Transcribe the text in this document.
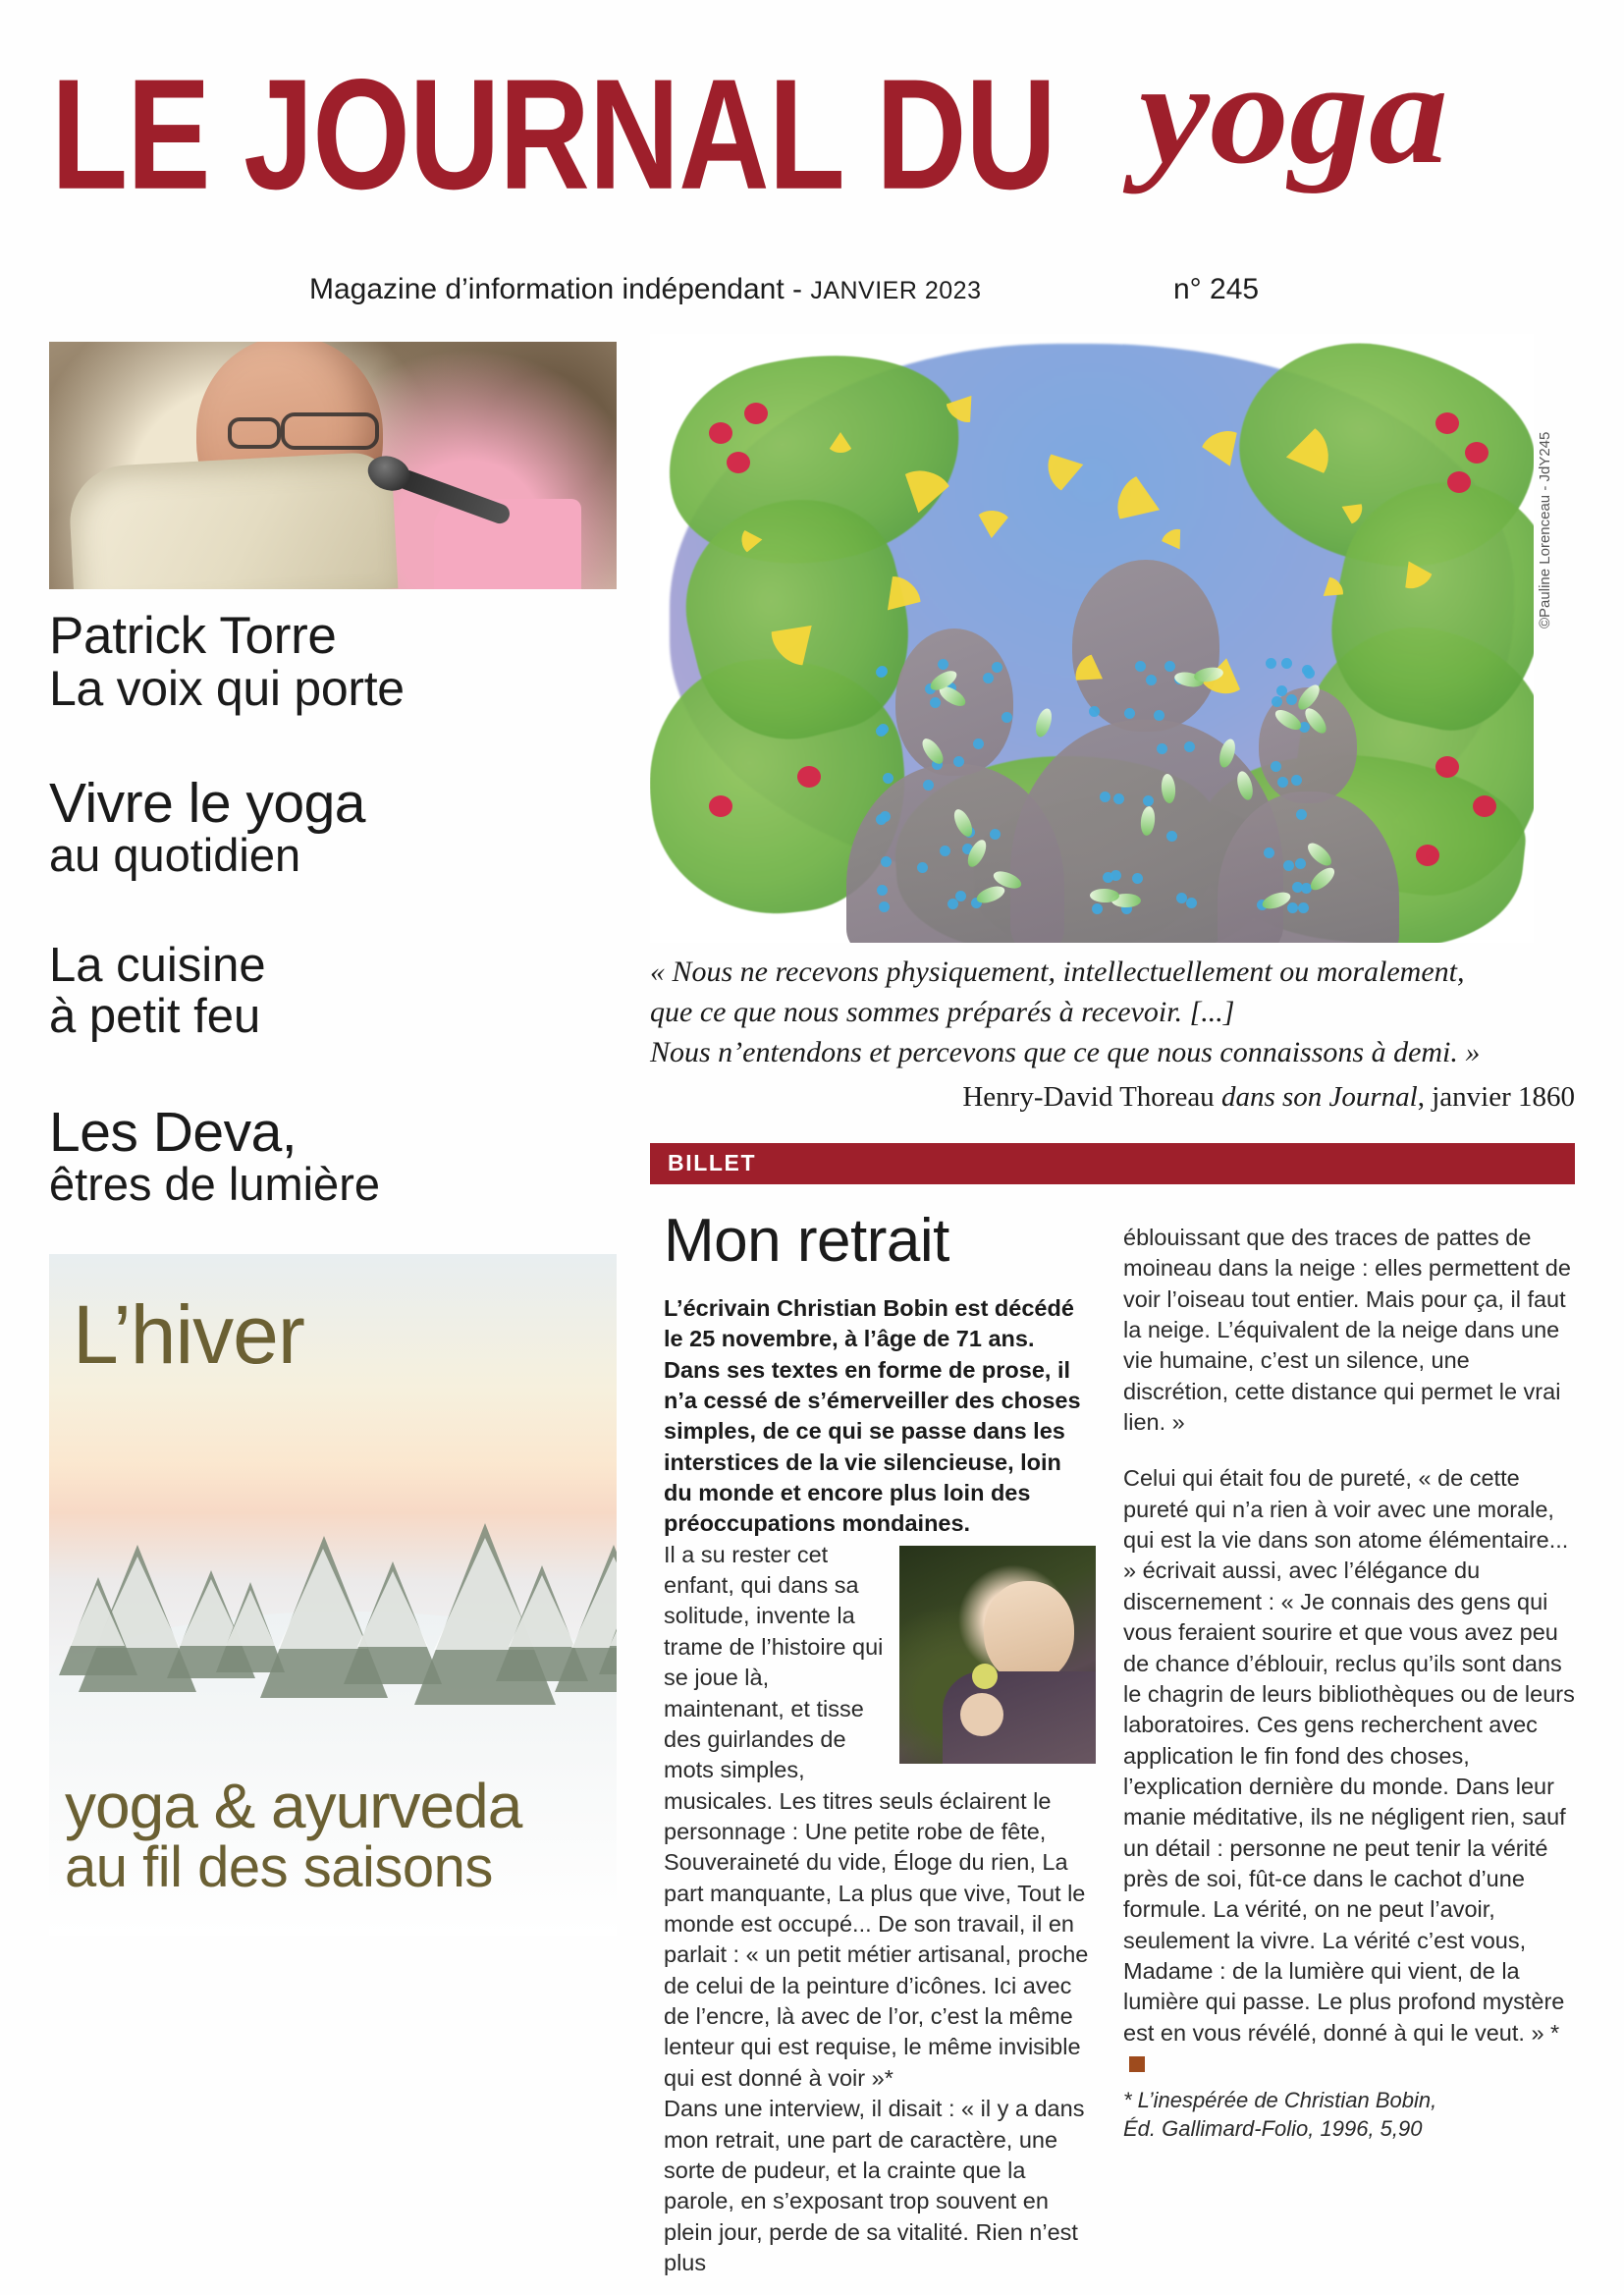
LE JOURNAL DU yoga
Magazine d’information indépendant - JANVIER 2023	n° 245
Patrick Torre
La voix qui porte
Vivre le yoga
au quotidien
La cuisine
à petit feu
Les Deva,
êtres de lumière
L’hiver
yoga & ayurveda
au fil des saisons
« Nous ne recevons physiquement, intellectuellement ou moralement,
que ce que nous sommes préparés à recevoir. [...]
Nous n’entendons et percevons que ce que nous connaissons à demi. »
Henry-David Thoreau dans son Journal, janvier 1860
BILLET
Mon retrait
L’écrivain Christian Bobin est décédé le 25 novembre, à l’âge de 71 ans. Dans ses textes en forme de prose, il n’a cessé de s’émerveiller des choses simples, de ce qui se passe dans les interstices de la vie silencieuse, loin du monde et encore plus loin des préoccupations mondaines.
Il a su rester cet enfant, qui dans sa solitude, invente la trame de l’histoire qui se joue là, maintenant, et tisse des guirlandes de mots simples, musicales. Les titres seuls éclairent le personnage : Une petite robe de fête, Souveraineté du vide, Éloge du rien, La part manquante, La plus que vive, Tout le monde est occupé... De son travail, il en parlait : « un petit métier artisanal, proche de celui de la peinture d’icônes. Ici avec de l’encre, là avec de l’or, c’est la même lenteur qui est requise, le même invisible qui est donné à voir »*
Dans une interview, il disait : « il y a dans mon retrait, une part de caractère, une sorte de pudeur, et la crainte que la parole, en s’exposant trop souvent en plein jour, perde de sa vitalité. Rien n’est plus
éblouissant que des traces de pattes de moineau dans la neige : elles permettent de voir l’oiseau tout entier. Mais pour ça, il faut la neige. L’équivalent de la neige dans une vie humaine, c’est un silence, une discrétion, cette distance qui permet le vrai lien. »
Celui qui était fou de pureté, « de cette pureté qui n’a rien à voir avec une morale, qui est la vie dans son atome élémentaire... » écrivait aussi, avec l’élégance du discernement : « Je connais des gens qui vous feraient sourire et que vous avez peu de chance d’éblouir, reclus qu’ils sont dans le chagrin de leurs bibliothèques ou de leurs laboratoires. Ces gens recherchent avec application le fin fond des choses, l’explication dernière du monde. Dans leur manie méditative, ils ne négligent rien, sauf un détail : personne ne peut tenir la vérité près de soi, fût-ce dans le cachot d’une formule. La vérité, on ne peut l’avoir, seulement la vivre. La vérité c’est vous, Madame : de la lumière qui vient, de la lumière qui passe. Le plus profond mystère est en vous révélé, donné à qui le veut. » *
* L’inespérée de Christian Bobin,
Éd. Gallimard-Folio, 1996, 5,90
©Pauline Lorenceau - JdY245
